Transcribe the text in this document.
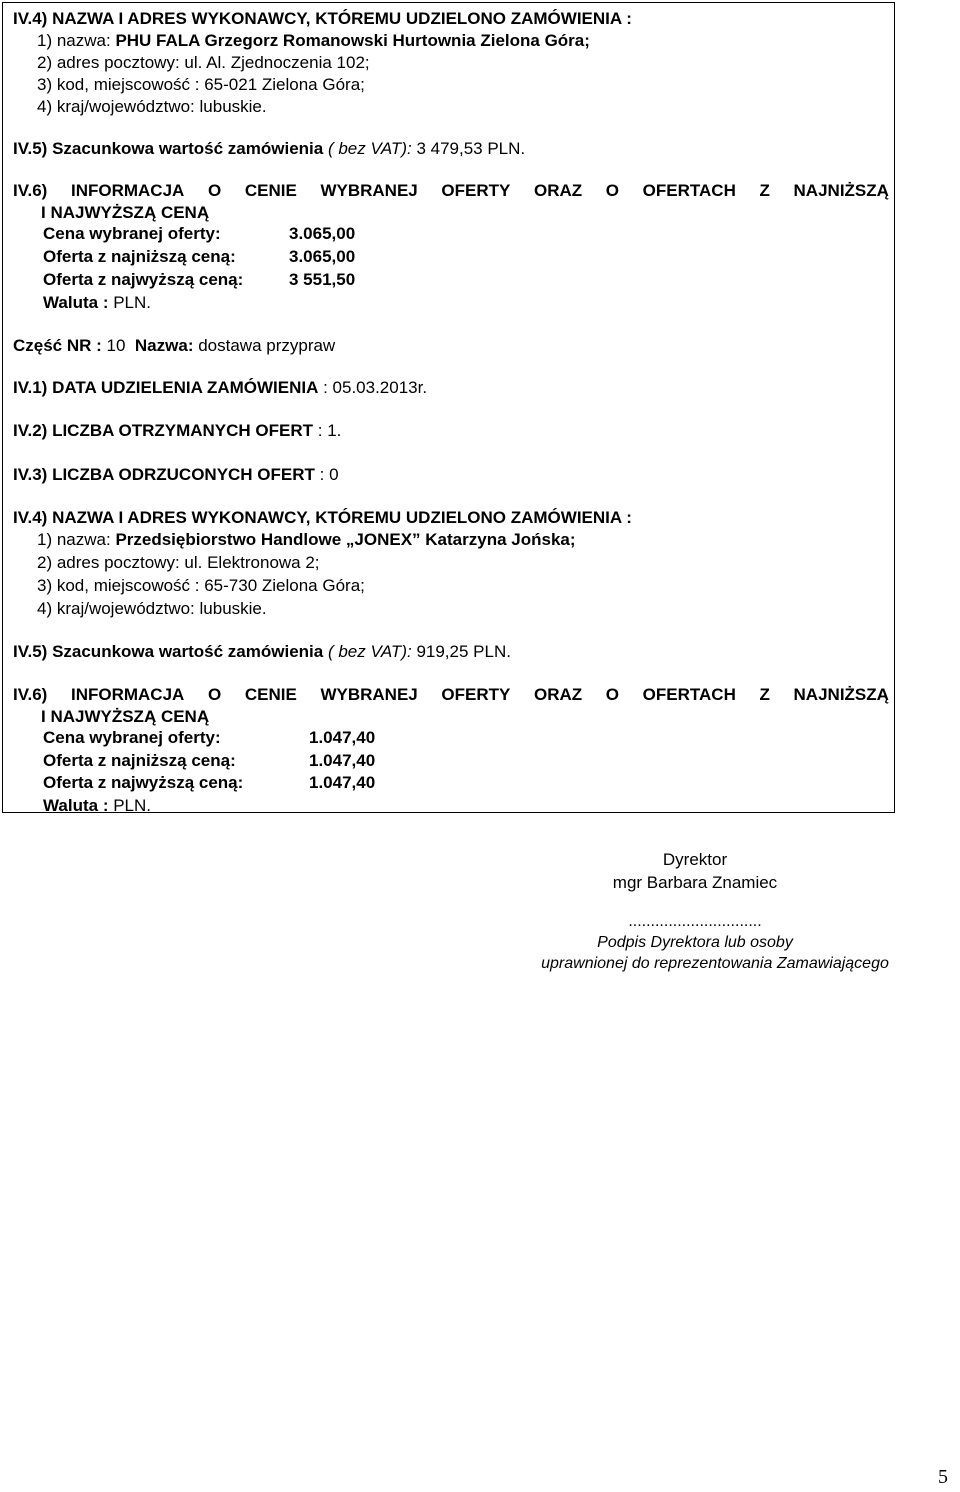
IV.4) NAZWA I ADRES WYKONAWCY, KTÓREMU UDZIELONO ZAMÓWIENIA :
1) nazwa: PHU FALA Grzegorz Romanowski Hurtownia Zielona Góra;
2) adres pocztowy: ul. Al. Zjednoczenia 102;
3) kod, miejscowość : 65-021 Zielona Góra;
4) kraj/województwo: lubuskie.
IV.5) Szacunkowa wartość zamówienia ( bez VAT): 3 479,53 PLN.
IV.6) INFORMACJA O CENIE WYBRANEJ OFERTY ORAZ O OFERTACH Z NAJNIŻSZĄ
I NAJWYŻSZĄ CENĄ
Cena wybranej oferty:	3.065,00
Oferta z najniższą ceną:	3.065,00
Oferta z najwyższą ceną:	3 551,50
Waluta : PLN.
Część NR : 10 Nazwa: dostawa przypraw
IV.1) DATA UDZIELENIA ZAMÓWIENIA : 05.03.2013r.
IV.2) LICZBA OTRZYMANYCH OFERT : 1.
IV.3) LICZBA ODRZUCONYCH OFERT : 0
IV.4) NAZWA I ADRES WYKONAWCY, KTÓREMU UDZIELONO ZAMÓWIENIA :
1) nazwa: Przedsiębiorstwo Handlowe „JONEX” Katarzyna Jońska;
2) adres pocztowy: ul. Elektronowa 2;
3) kod, miejscowość : 65-730 Zielona Góra;
4) kraj/województwo: lubuskie.
IV.5) Szacunkowa wartość zamówienia ( bez VAT): 919,25 PLN.
IV.6) INFORMACJA O CENIE WYBRANEJ OFERTY ORAZ O OFERTACH Z NAJNIŻSZĄ
I NAJWYŻSZĄ CENĄ
Cena wybranej oferty:	1.047,40
Oferta z najniższą ceną:	1.047,40
Oferta z najwyższą ceną:	1.047,40
Waluta : PLN.
Dyrektor
mgr Barbara Znamiec
..............................
Podpis Dyrektora lub osoby
uprawnionej do reprezentowania Zamawiającego
5
